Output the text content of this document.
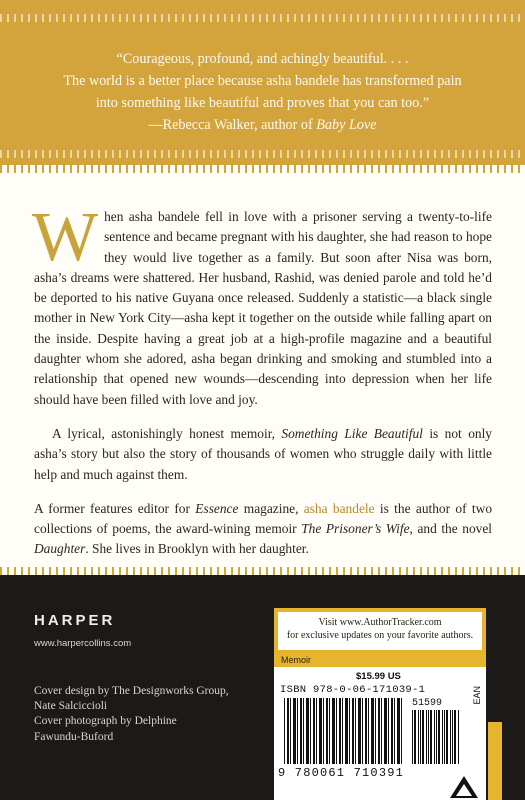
“Courageous, profound, and achingly beautiful. . . .
The world is a better place because asha bandele has transformed pain
into something like beautiful and proves that you can too.”

—Rebecca Walker, author of Baby Love

When asha bandele fell in love with a prisoner serving a twenty-to-life sentence and became pregnant with his daughter, she had reason to hope they would live together as a family. But soon after Nisa was born, asha’s dreams were shattered. Her husband, Rashid, was denied parole and told he’d be deported to his native Guyana once released. Suddenly a statistic—a black single mother in New York City—asha kept it together on the outside while falling apart on the inside. Despite having a great job at a high-profile magazine and a beautiful daughter whom she adored, asha began drinking and smoking and stumbled into a relationship that opened new wounds—descending into depression when her life should have been filled with love and joy.

A lyrical, astonishingly honest memoir, Something Like Beautiful is not only asha’s story but also the story of thousands of women who struggle daily with little help and much against them.

A former features editor for Essence magazine, asha bandele is the author of two collections of poems, the award-wining memoir The Prisoner’s Wife, and the novel Daughter. She lives in Brooklyn with her daughter.

HARPER
www.harpercollins.com
Cover design by The Designworks Group,
Nate Salciccioli
Cover photograph by Delphine
Fawundu-Buford
Visit www.AuthorTracker.com
for exclusive updates on your favorite authors.
Memoir
$15.99 US
ISBN 978-0-06-171039-1	EAN
51599
9 780061 710391
